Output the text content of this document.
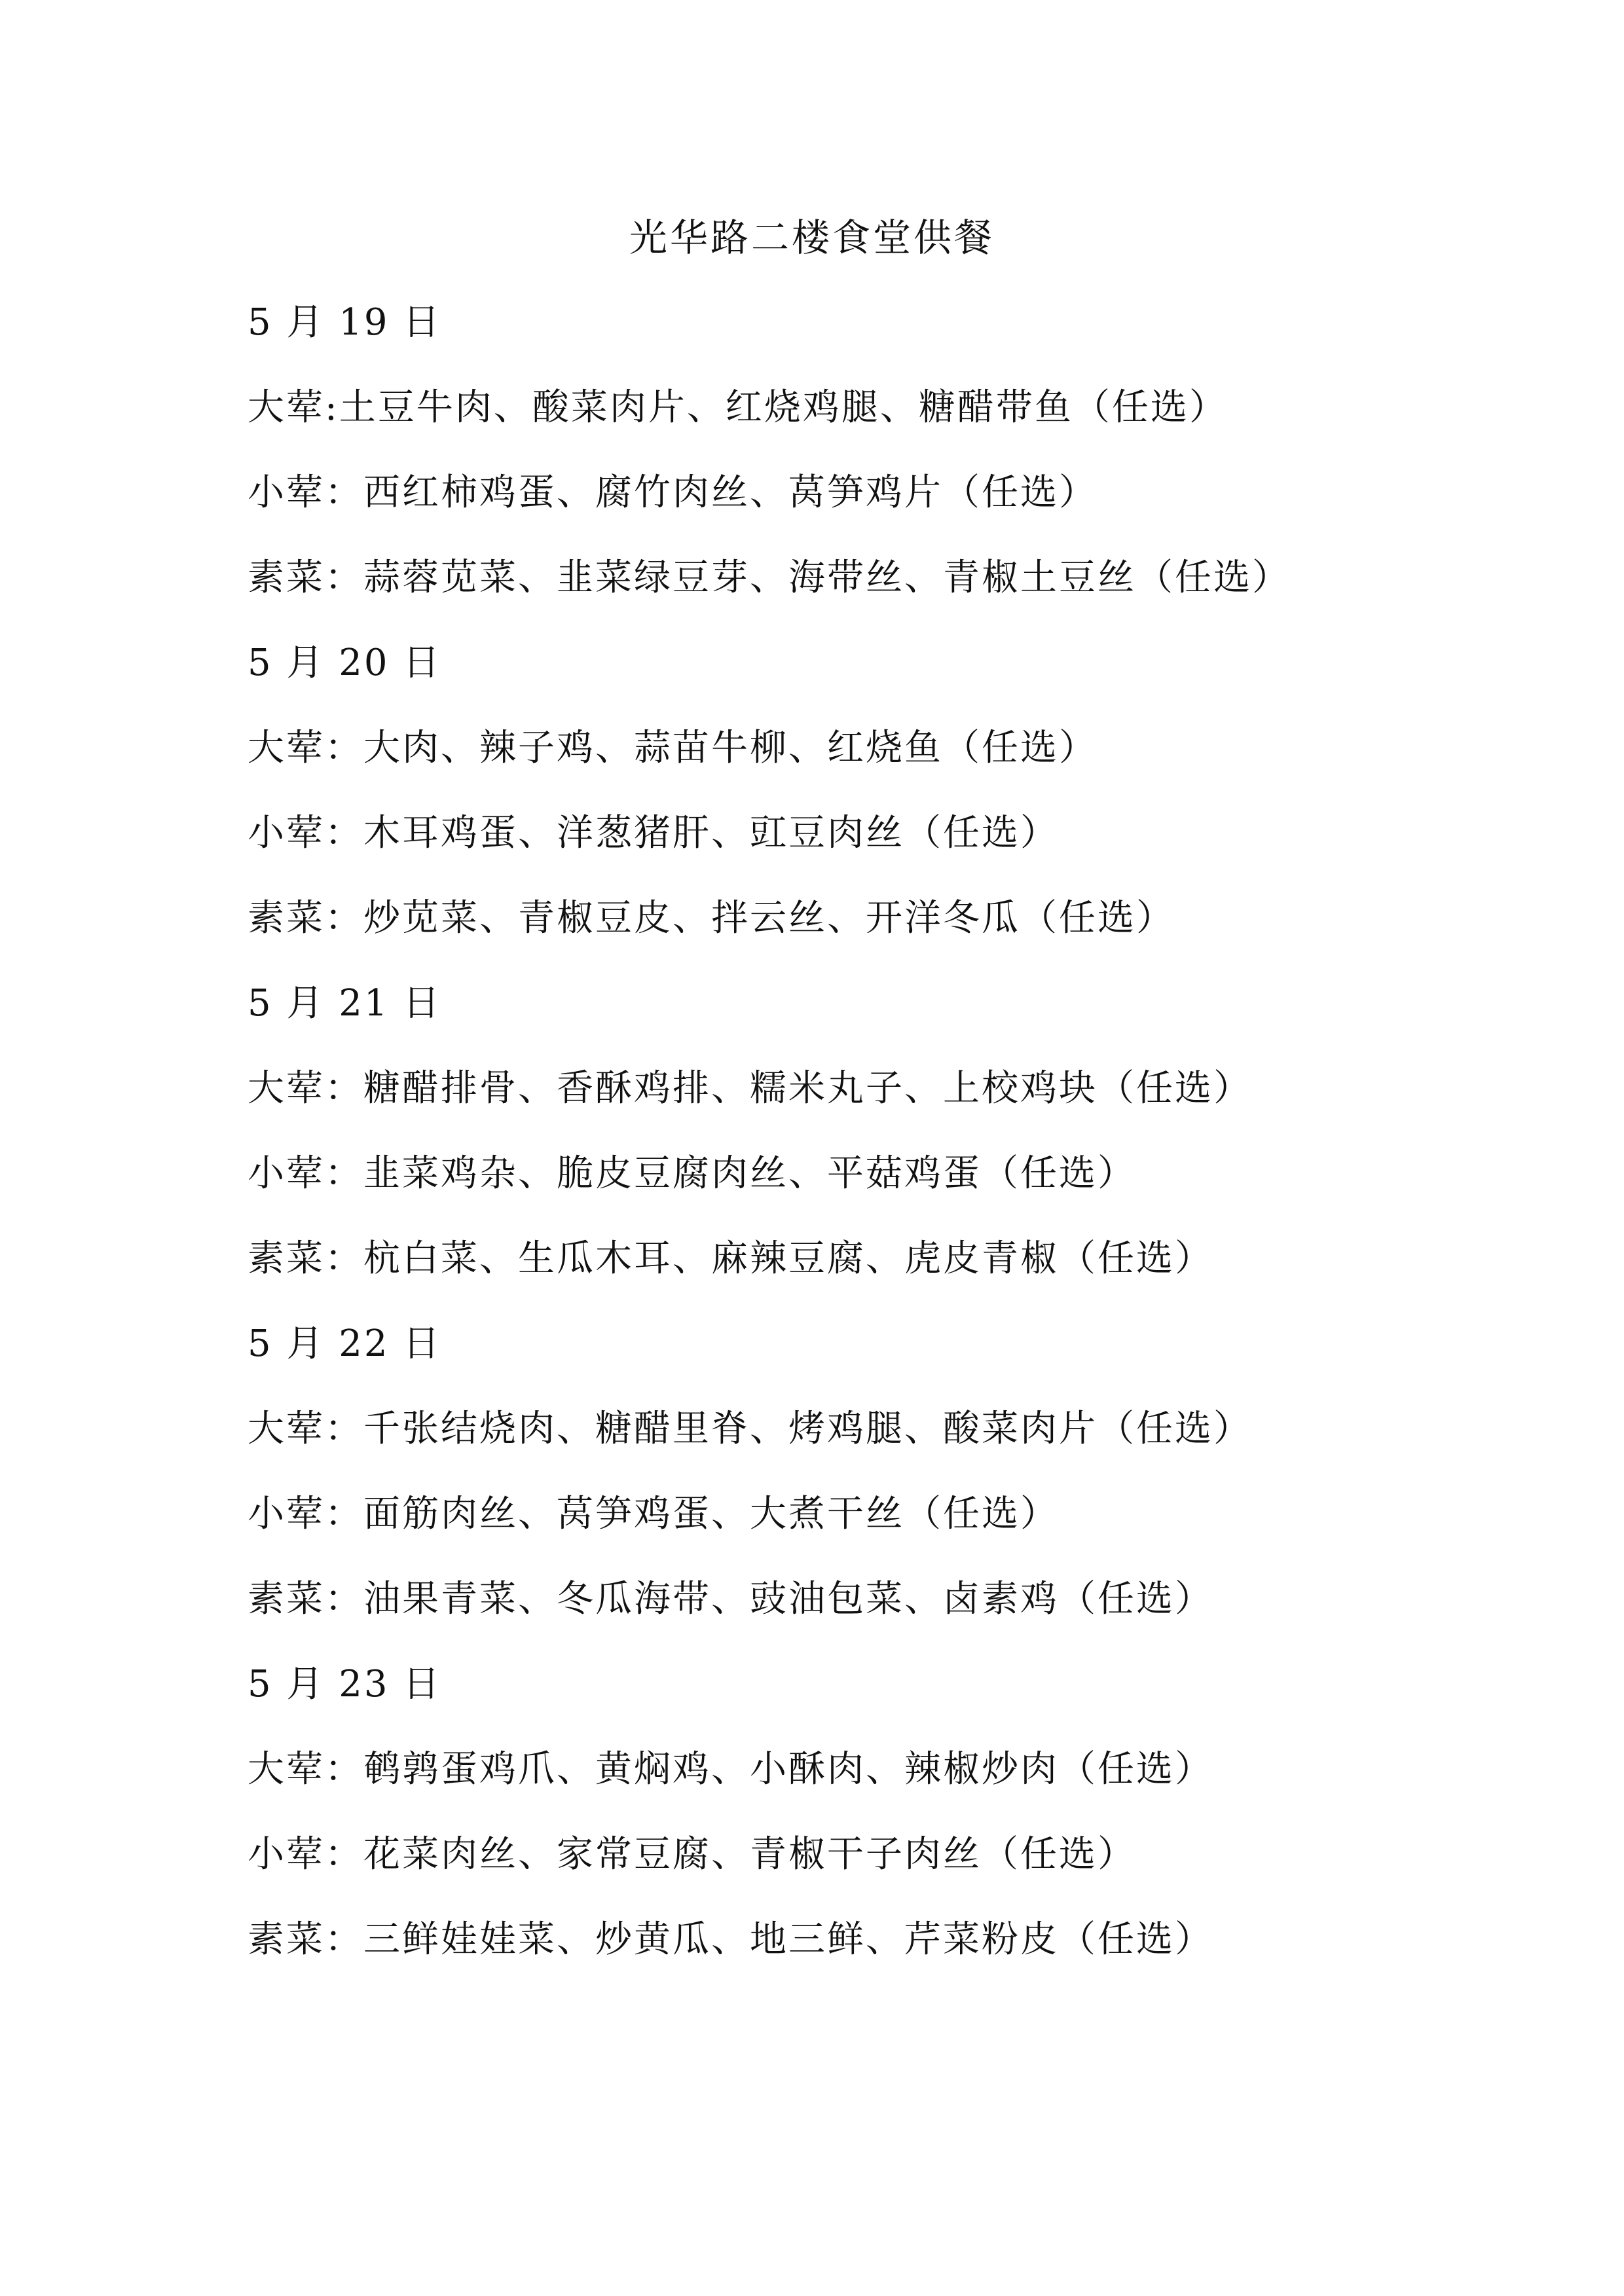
光华路二楼食堂供餐
5 月 19 日
大荤:土豆牛肉、酸菜肉片、红烧鸡腿、糖醋带鱼（任选）
小荤：西红柿鸡蛋、腐竹肉丝、莴笋鸡片（任选）
素菜：蒜蓉苋菜、韭菜绿豆芽、海带丝、青椒土豆丝（任选）
5 月 20 日
大荤：大肉、辣子鸡、蒜苗牛柳、红烧鱼（任选）
小荤：木耳鸡蛋、洋葱猪肝、豇豆肉丝（任选）
素菜：炒苋菜、青椒豆皮、拌云丝、开洋冬瓜（任选）
5 月 21 日
大荤：糖醋排骨、香酥鸡排、糯米丸子、上校鸡块（任选）
小荤：韭菜鸡杂、脆皮豆腐肉丝、平菇鸡蛋（任选）
素菜：杭白菜、生瓜木耳、麻辣豆腐、虎皮青椒（任选）
5 月 22 日
大荤：千张结烧肉、糖醋里脊、烤鸡腿、酸菜肉片（任选）
小荤：面筋肉丝、莴笋鸡蛋、大煮干丝（任选）
素菜：油果青菜、冬瓜海带、豉油包菜、卤素鸡（任选）
5 月 23 日
大荤：鹌鹑蛋鸡爪、黄焖鸡、小酥肉、辣椒炒肉（任选）
小荤：花菜肉丝、家常豆腐、青椒干子肉丝（任选）
素菜：三鲜娃娃菜、炒黄瓜、地三鲜、芹菜粉皮（任选）
